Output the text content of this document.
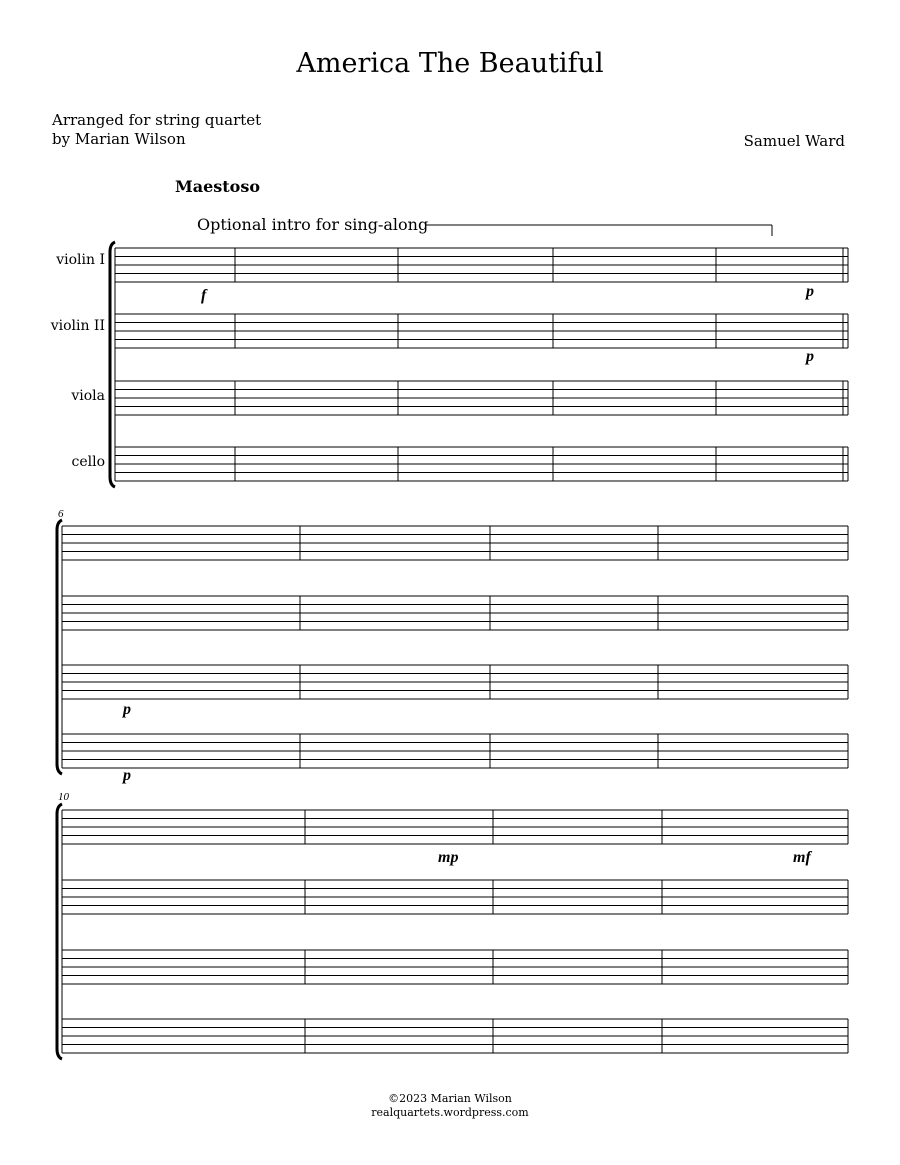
America The Beautiful
Arranged for string quartet
by Marian Wilson	Samuel Ward
Maestoso
Optional intro for sing-along
violin I
violin II
viola
cello
6
10
f	p
p
p
p
mp	mf
©2023 Marian Wilson
realquartets.wordpress.com
